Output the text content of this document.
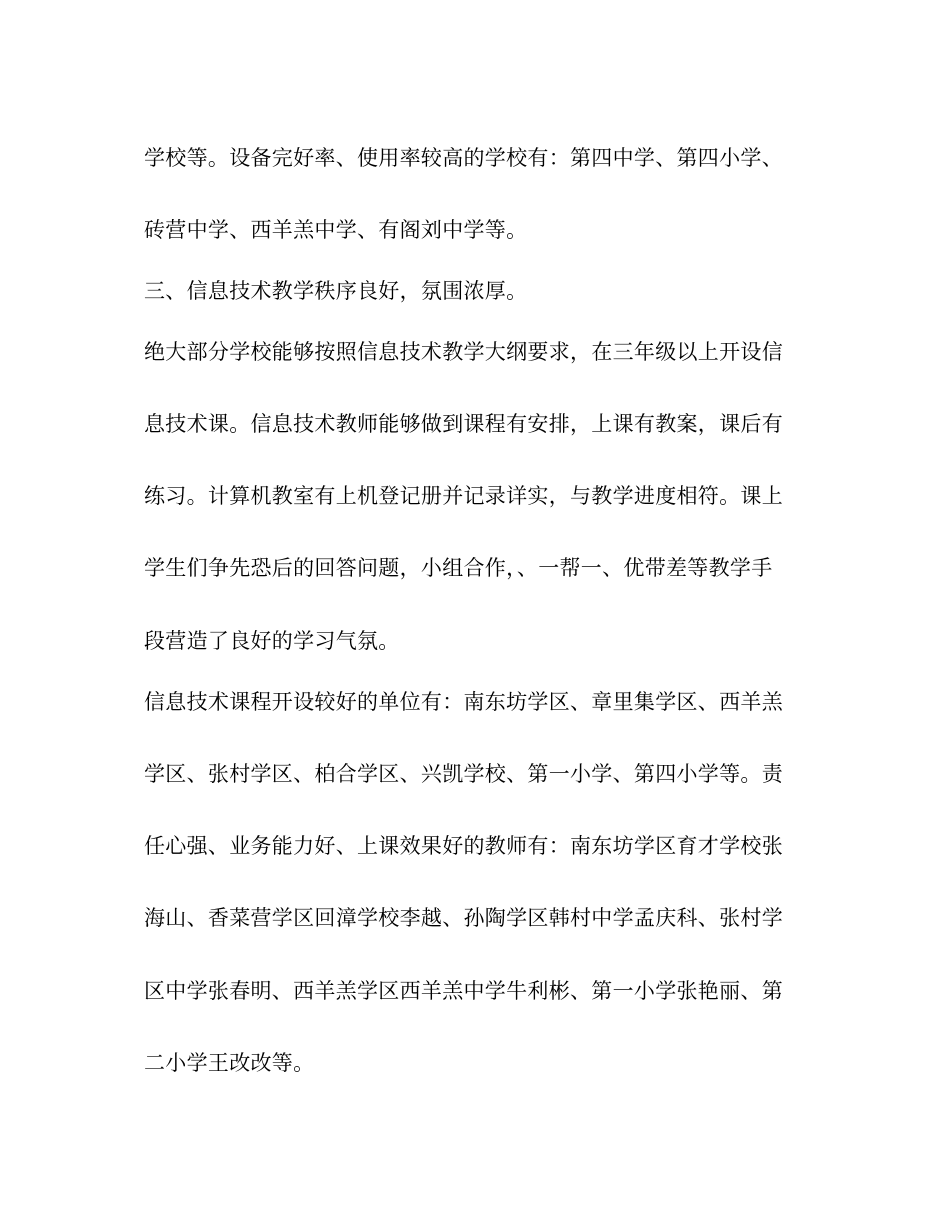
学校等。设备完好率、使用率较高的学校有：第四中学、第四小学、
砖营中学、西羊羔中学、有阁刘中学等。
三、信息技术教学秩序良好，氛围浓厚。
绝大部分学校能够按照信息技术教学大纲要求，在三年级以上开设信
息技术课。信息技术教师能够做到课程有安排，上课有教案，课后有
练习。计算机教室有上机登记册并记录详实，与教学进度相符。课上
学生们争先恐后的回答问题，小组合作，、一帮一、优带差等教学手
段营造了良好的学习气氛。
信息技术课程开设较好的单位有：南东坊学区、章里集学区、西羊羔
学区、张村学区、柏合学区、兴凯学校、第一小学、第四小学等。责
任心强、业务能力好、上课效果好的教师有：南东坊学区育才学校张
海山、香菜营学区回漳学校李越、孙陶学区韩村中学孟庆科、张村学
区中学张春明、西羊羔学区西羊羔中学牛利彬、第一小学张艳丽、第
二小学王改改等。
